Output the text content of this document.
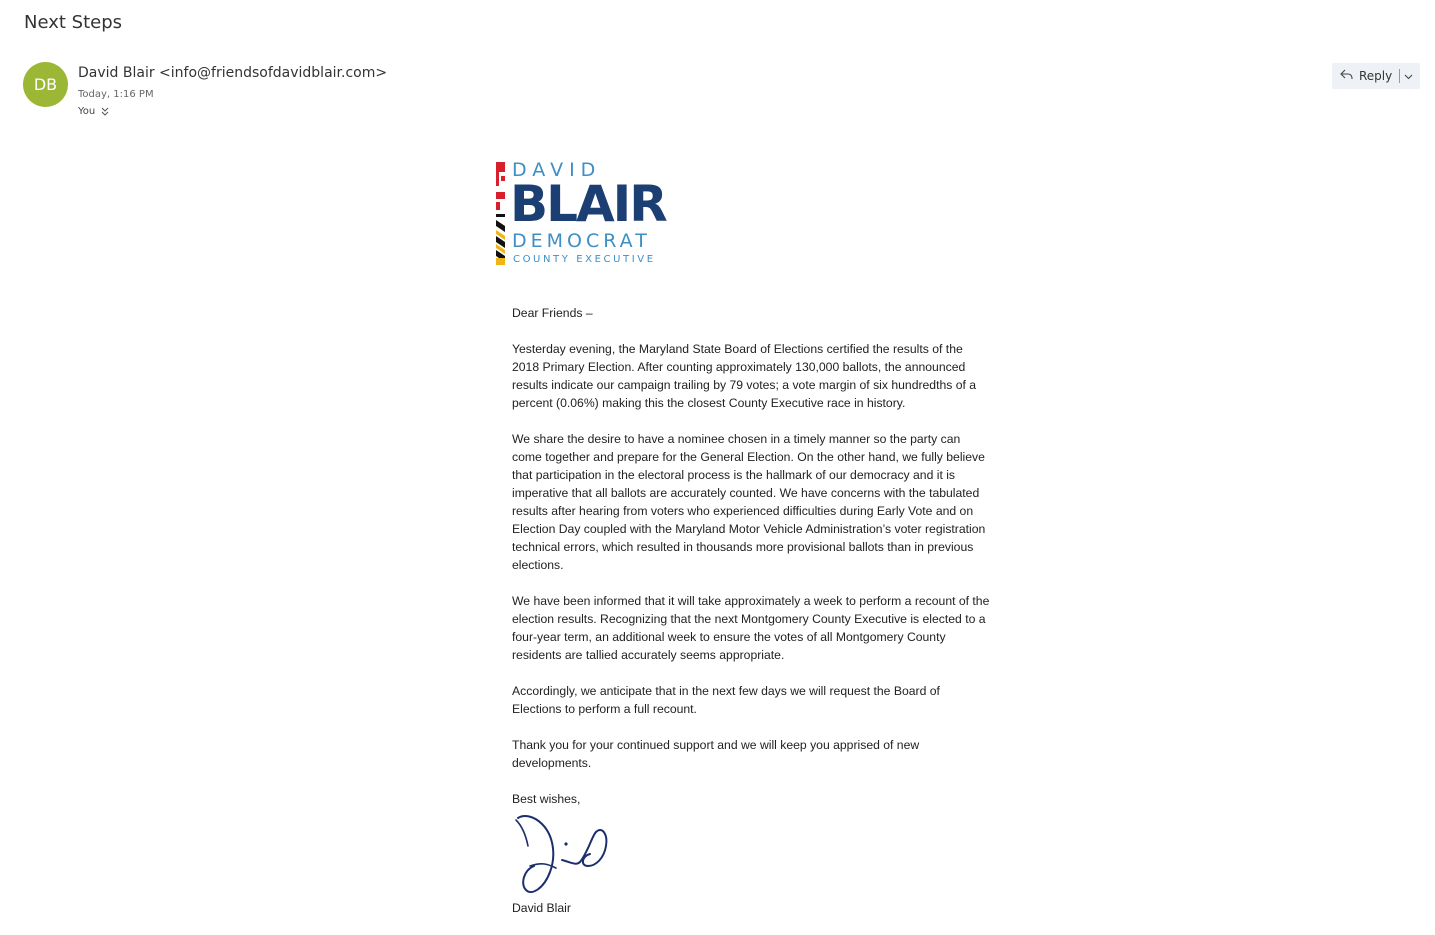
Next Steps
DB
David Blair <info@friendsofdavidblair.com>
Today, 1:16 PM
You
Reply
DAVID
BLAIR
DEMOCRAT
COUNTY EXECUTIVE

Dear Friends –

Yesterday evening, the Maryland State Board of Elections certified the results of the 2018 Primary Election. After counting approximately 130,000 ballots, the announced results indicate our campaign trailing by 79 votes; a vote margin of six hundredths of a percent (0.06%) making this the closest County Executive race in history.

We share the desire to have a nominee chosen in a timely manner so the party can come together and prepare for the General Election. On the other hand, we fully believe that participation in the electoral process is the hallmark of our democracy and it is imperative that all ballots are accurately counted. We have concerns with the tabulated results after hearing from voters who experienced difficulties during Early Vote and on Election Day coupled with the Maryland Motor Vehicle Administration’s voter registration technical errors, which resulted in thousands more provisional ballots than in previous elections.

We have been informed that it will take approximately a week to perform a recount of the election results. Recognizing that the next Montgomery County Executive is elected to a four-year term, an additional week to ensure the votes of all Montgomery County residents are tallied accurately seems appropriate.

Accordingly, we anticipate that in the next few days we will request the Board of Elections to perform a full recount.

Thank you for your continued support and we will keep you apprised of new developments.

Best wishes,

David Blair
